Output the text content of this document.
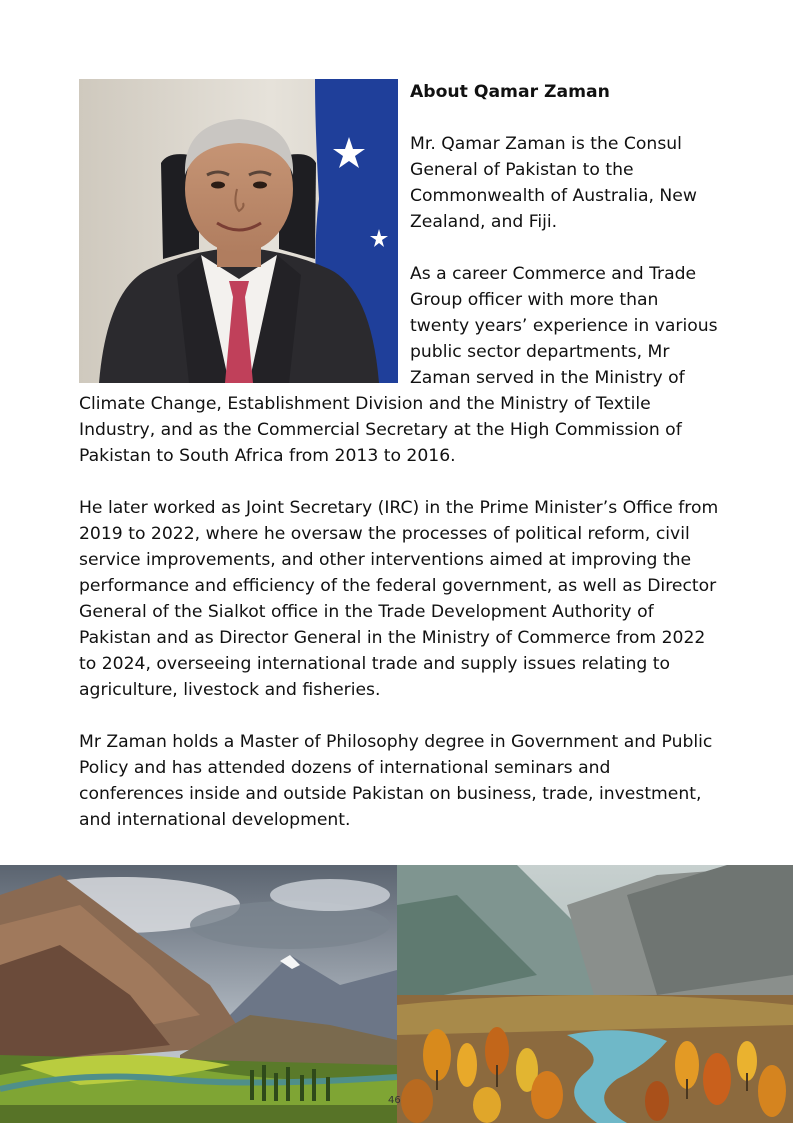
About Qamar Zaman

Mr. Qamar Zaman is the Consul General of Pakistan to the Commonwealth of Australia, New Zealand, and Fiji.

As a career Commerce and Trade Group officer with more than twenty years’ experience in various public sector departments, Mr Zaman served in the Ministry of Climate Change, Establishment Division and the Ministry of Textile Industry, and as the Commercial Secretary at the High Commission of Pakistan to South Africa from 2013 to 2016.

He later worked as Joint Secretary (IRC) in the Prime Minister’s Office from 2019 to 2022, where he oversaw the processes of political reform, civil service improvements, and other interventions aimed at improving the performance and efficiency of the federal government, as well as Director General of the Sialkot office in the Trade Development Authority of Pakistan and as Director General in the Ministry of Commerce from 2022 to 2024, overseeing international trade and supply issues relating to agriculture, livestock and fisheries.

Mr Zaman holds a Master of Philosophy degree in Government and Public Policy and has attended dozens of international seminars and conferences inside and outside Pakistan on business, trade, investment, and international development.

46
